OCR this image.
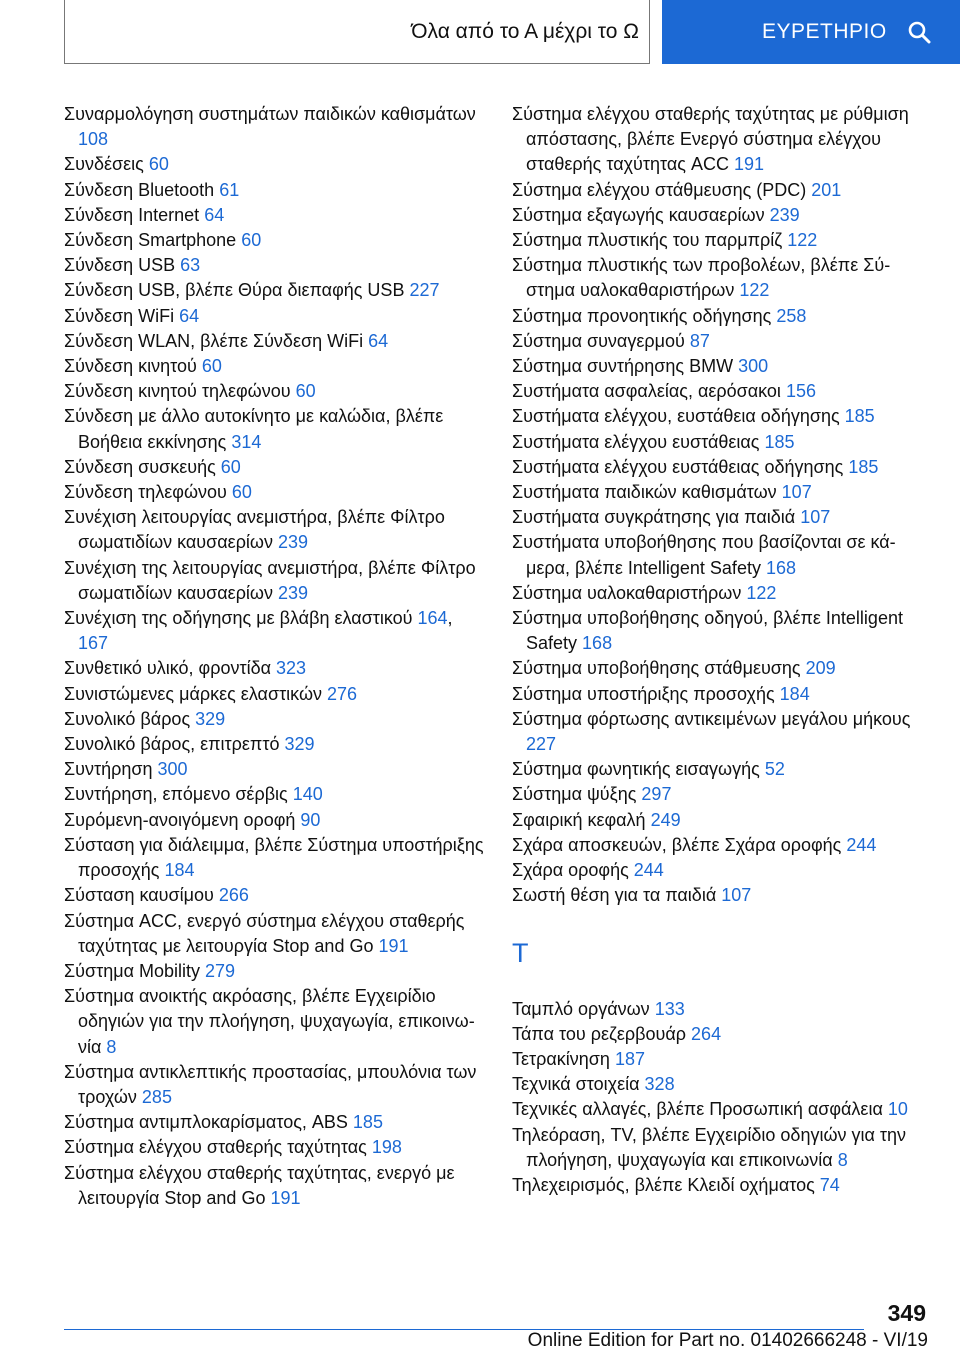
Όλα από το Α μέχρι το Ω	ΕΥΡΕΤΗΡΙΟ

Συναρμολόγηση συστημάτων παιδικών καθισμάτων 108

Συνδέσεις 60

Σύνδεση Bluetooth 61

Σύνδεση Internet 64

Σύνδεση Smartphone 60

Σύνδεση USB 63

Σύνδεση USB, βλέπε Θύρα διεπαφής USB 227

Σύνδεση WiFi 64

Σύνδεση WLAN, βλέπε Σύνδεση WiFi 64

Σύνδεση κινητού 60

Σύνδεση κινητού τηλεφώνου 60

Σύνδεση με άλλο αυτοκίνητο με καλώδια, βλέπε Βοήθεια εκκίνησης 314

Σύνδεση συσκευής 60

Σύνδεση τηλεφώνου 60

Συνέχιση λειτουργίας ανεμιστήρα, βλέπε Φίλτρο σωματιδίων καυσαερίων 239

Συνέχιση της λειτουργίας ανεμιστήρα, βλέπε Φίλτρο σωματιδίων καυσαερίων 239

Συνέχιση της οδήγησης με βλάβη ελαστικού 164, 167

Συνθετικό υλικό, φροντίδα 323

Συνιστώμενες μάρκες ελαστικών 276

Συνολικό βάρος 329

Συνολικό βάρος, επιτρεπτό 329

Συντήρηση 300

Συντήρηση, επόμενο σέρβις 140

Συρόμενη-ανοιγόμενη οροφή 90

Σύσταση για διάλειμμα, βλέπε Σύστημα υποστήριξης προσοχής 184

Σύσταση καυσίμου 266

Σύστημα ACC, ενεργό σύστημα ελέγχου σταθερής ταχύτητας με λειτουργία Stop and Go 191

Σύστημα Mobility 279

Σύστημα ανοικτής ακρόασης, βλέπε Εγχειρίδιο οδηγιών για την πλοήγηση, ψυχαγωγία, επικοινωνία 8

Σύστημα αντικλεπτικής προστασίας, μπουλόνια των τροχών 285

Σύστημα αντιμπλοκαρίσματος, ABS 185

Σύστημα ελέγχου σταθερής ταχύτητας 198

Σύστημα ελέγχου σταθερής ταχύτητας, ενεργό με λειτουργία Stop and Go 191

Σύστημα ελέγχου σταθερής ταχύτητας με ρύθμιση απόστασης, βλέπε Ενεργό σύστημα ελέγχου σταθερής ταχύτητας ACC 191

Σύστημα ελέγχου στάθμευσης (PDC) 201

Σύστημα εξαγωγής καυσαερίων 239

Σύστημα πλυστικής του παρμπρίζ 122

Σύστημα πλυστικής των προβολέων, βλέπε Σύστημα υαλοκαθαριστήρων 122

Σύστημα προνοητικής οδήγησης 258

Σύστημα συναγερμού 87

Σύστημα συντήρησης BMW 300

Συστήματα ασφαλείας, αερόσακοι 156

Συστήματα ελέγχου, ευστάθεια οδήγησης 185

Συστήματα ελέγχου ευστάθειας 185

Συστήματα ελέγχου ευστάθειας οδήγησης 185

Συστήματα παιδικών καθισμάτων 107

Συστήματα συγκράτησης για παιδιά 107

Συστήματα υποβοήθησης που βασίζονται σε κάμερα, βλέπε Intelligent Safety 168

Σύστημα υαλοκαθαριστήρων 122

Σύστημα υποβοήθησης οδηγού, βλέπε Intelligent Safety 168

Σύστημα υποβοήθησης στάθμευσης 209

Σύστημα υποστήριξης προσοχής 184

Σύστημα φόρτωσης αντικειμένων μεγάλου μήκους 227

Σύστημα φωνητικής εισαγωγής 52

Σύστημα ψύξης 297

Σφαιρική κεφαλή 249

Σχάρα αποσκευών, βλέπε Σχάρα οροφής 244

Σχάρα οροφής 244

Σωστή θέση για τα παιδιά 107

Τ

Ταμπλό οργάνων 133

Τάπα του ρεζερβουάρ 264

Τετρακίνηση 187

Τεχνικά στοιχεία 328

Τεχνικές αλλαγές, βλέπε Προσωπική ασφάλεια 10

Τηλεόραση, TV, βλέπε Εγχειρίδιο οδηγιών για την πλοήγηση, ψυχαγωγία και επικοινωνία 8

Τηλεχειρισμός, βλέπε Κλειδί οχήματος 74

349
Online Edition for Part no. 01402666248 - VI/19
